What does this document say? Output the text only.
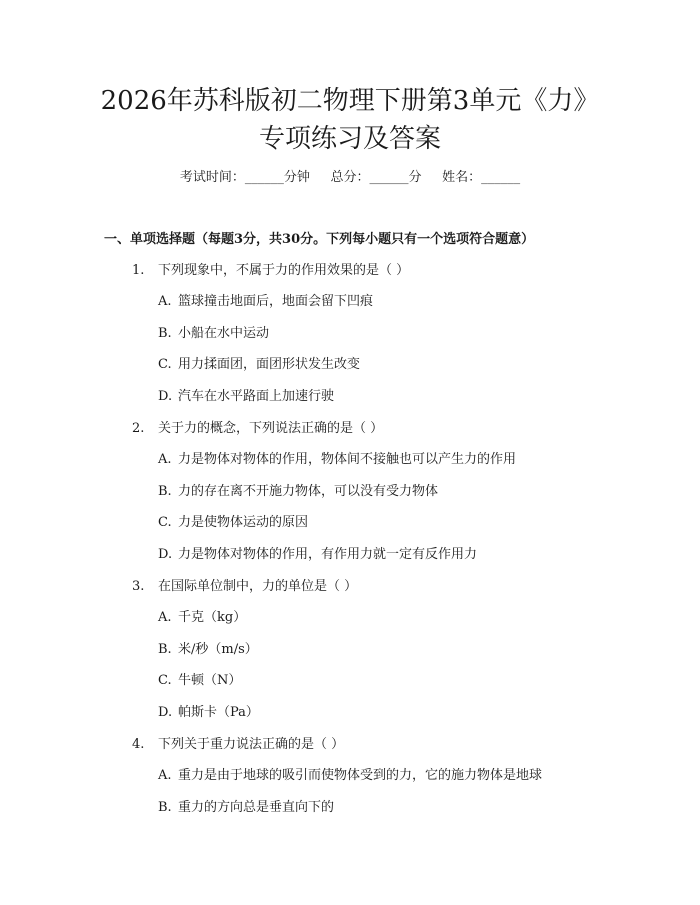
2026年苏科版初二物理下册第3单元《力》
专项练习及答案
考试时间：______分钟     总分：______分     姓名：______
一、单项选择题（每题3分，共30分。下列每小题只有一个选项符合题意）
1. 下列现象中，不属于力的作用效果的是（ ）
A. 篮球撞击地面后，地面会留下凹痕
B. 小船在水中运动
C. 用力揉面团，面团形状发生改变
D. 汽车在水平路面上加速行驶
2. 关于力的概念，下列说法正确的是（ ）
A. 力是物体对物体的作用，物体间不接触也可以产生力的作用
B. 力的存在离不开施力物体，可以没有受力物体
C. 力是使物体运动的原因
D. 力是物体对物体的作用，有作用力就一定有反作用力
3. 在国际单位制中，力的单位是（ ）
A. 千克（kg）
B. 米/秒（m/s）
C. 牛顿（N）
D. 帕斯卡（Pa）
4. 下列关于重力说法正确的是（ ）
A. 重力是由于地球的吸引而使物体受到的力，它的施力物体是地球
B. 重力的方向总是垂直向下的
